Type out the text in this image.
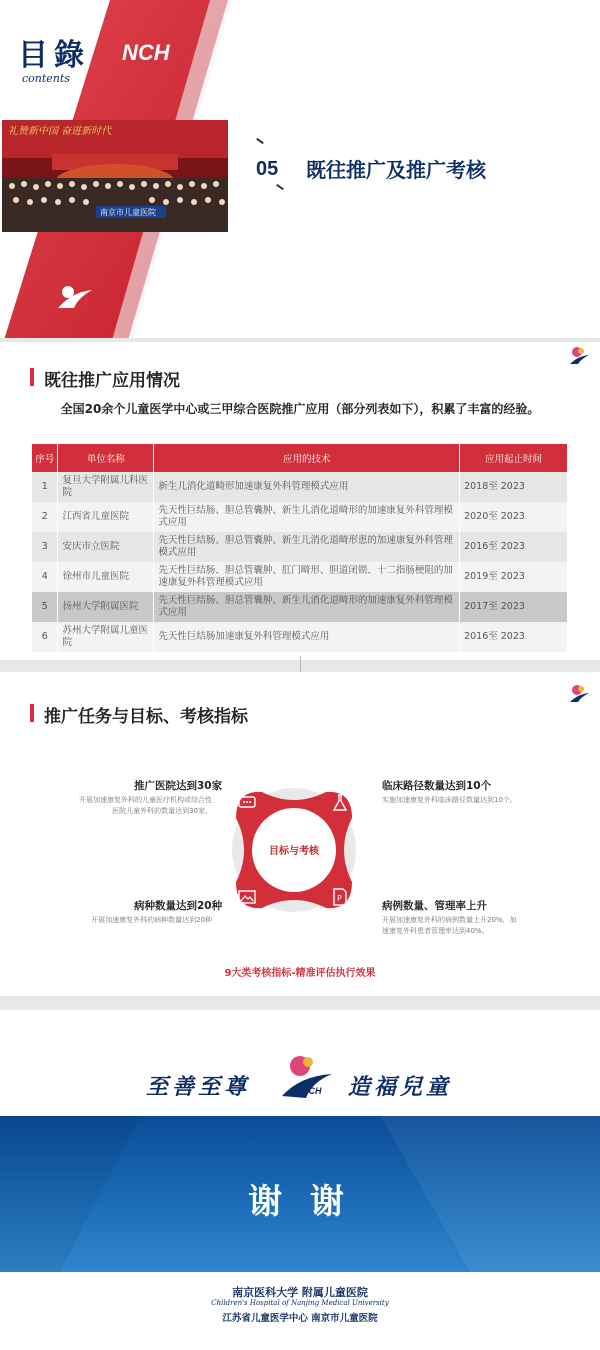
目錄
contents
NCH
礼赞新中国 奋进新时代
南京市儿童医院
05 既往推广及推广考核
既往推广应用情况
全国20余个儿童医学中心或三甲综合医院推广应用（部分列表如下），积累了丰富的经验。
序号	单位名称	应用的技术	应用起止时间
1	复旦大学附属儿科医院	新生儿消化道畸形加速康复外科管理模式应用	2018至 2023
2	江西省儿童医院	先天性巨结肠、胆总管囊肿、新生儿消化道畸形的加速康复外科管理模式应用	2020至 2023
3	安庆市立医院	先天性巨结肠、胆总管囊肿、新生儿消化道畸形患的加速康复外科管理模式应用	2016至 2023
4	徐州市儿童医院	先天性巨结肠、胆总管囊肿、肛门畸形、胆道闭锁、十二指肠梗阻的加速康复外科管理模式应用	2019至 2023
5	扬州大学附属医院	先天性巨结肠、胆总管囊肿、新生儿消化道畸形的加速康复外科管理模式应用	2017至 2023
6	苏州大学附属儿童医院	先天性巨结肠加速康复外科管理模式应用	2016至 2023
推广任务与目标、考核指标
推广医院达到30家
开展加速康复外科的儿童医疗机构或综合性医院儿童外科的数量达到30家。
临床路径数量达到10个
实施加速康复外科临床路径数量达到10个。
病种数量达到20种
开展加速康复外科的病种数量达到20种
病例数量、管理率上升
开展加速康复外科的病例数量上升20%，加速康复外科患者管理率达到40%。
P
目标与考核
9大类考核指标-精准评估执行效果
至善至尊	NCH 造福兒童
谢 谢
南京医科大学 附属儿童医院
Children's Hospital of Nanjing Medical University
江苏省儿童医学中心 南京市儿童医院
